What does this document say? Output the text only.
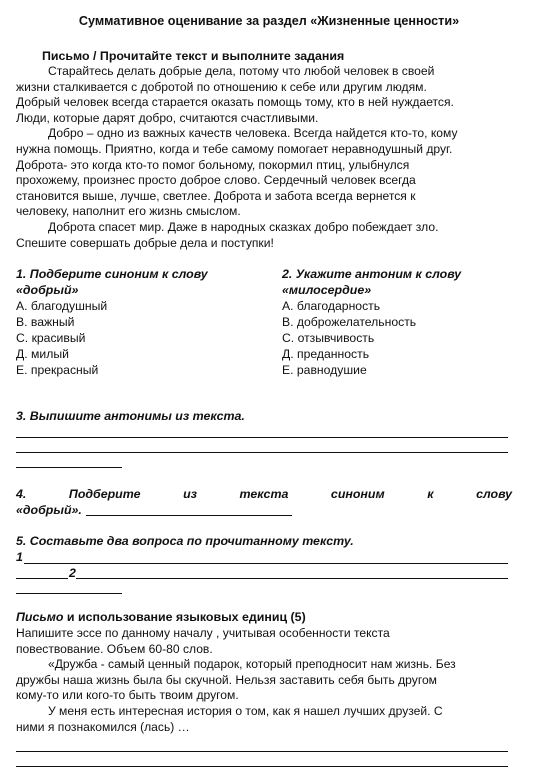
Суммативное оценивание за раздел «Жизненные ценности»
Письмо / Прочитайте текст и выполните задания
Старайтесь делать добрые дела, потому что любой человек в своей
жизни сталкивается с добротой по отношению к себе или другим людям.
Добрый человек всегда старается оказать помощь тому, кто в ней нуждается.
Люди, которые дарят добро, считаются счастливыми.
Добро – одно из важных качеств человека. Всегда найдется кто-то, кому
нужна помощь. Приятно, когда и тебе самому помогает неравнодушный друг.
Доброта- это когда кто-то помог больному, покормил птиц, улыбнулся
прохожему, произнес просто доброе слово. Сердечный человек всегда
становится выше, лучше, светлее. Доброта и забота всегда вернется к
человеку, наполнит его жизнь смыслом.
Доброта спасет мир. Даже в народных сказках добро побеждает зло.
Спешите совершать добрые дела и поступки!
1. Подберите синоним к слову
«добрый»
А. благодушный
В. важный
С. красивый
Д. милый
Е. прекрасный
2. Укажите антоним к слову
«милосердие»
А. благодарность
В. доброжелательность
С. отзывчивость
Д. преданность
Е. равнодушие
3. Выпишите антонимы из текста.
4.	Подберите	из	текста	синоним	к	слову
«добрый».
5. Составьте два вопроса по прочитанному тексту.
1
2
Письмо и использование языковых единиц (5)
Напишите эссе по данному началу , учитывая особенности текста
повествование. Объем 60-80 слов.
«Дружба - самый ценный подарок, который преподносит нам жизнь. Без
дружбы наша жизнь была бы скучной. Нельзя заставить себя быть другом
кому-то или кого-то быть твоим другом.
У меня есть интересная история о том, как я нашел лучших друзей. С
ними я познакомился (лась) …
